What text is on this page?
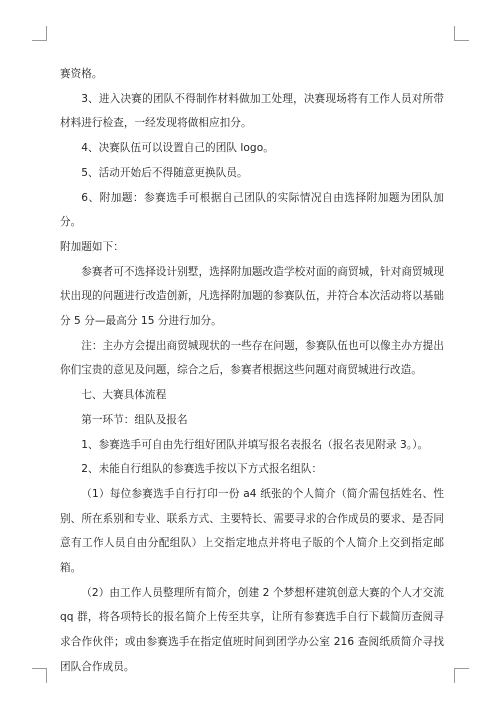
赛资格。

3、进入决赛的团队不得制作材料做加工处理，决赛现场将有工作人员对所带材料进行检查，一经发现将做相应扣分。

4、决赛队伍可以设置自己的团队 logo。

5、活动开始后不得随意更换队员。

6、附加题：参赛选手可根据自己团队的实际情况自由选择附加题为团队加分。

附加题如下：

参赛者可不选择设计别墅，选择附加题改造学校对面的商贸城，针对商贸城现状出现的问题进行改造创新，凡选择附加题的参赛队伍，并符合本次活动将以基础分 5 分—最高分 15 分进行加分。

注：主办方会提出商贸城现状的一些存在问题，参赛队伍也可以像主办方提出你们宝贵的意见及问题，综合之后，参赛者根据这些问题对商贸城进行改造。

七、大赛具体流程

第一环节：组队及报名

1、参赛选手可自由先行组好团队并填写报名表报名（报名表见附录 3。）。

2、未能自行组队的参赛选手按以下方式报名组队：

（1）每位参赛选手自行打印一份 a4 纸张的个人简介（简介需包括姓名、性别、所在系别和专业、联系方式、主要特长、需要寻求的合作成员的要求、是否同意有工作人员自由分配组队）上交指定地点并将电子版的个人简介上交到指定邮箱。

（2）由工作人员整理所有简介，创建 2 个梦想杯建筑创意大赛的个人才交流 qq 群，将各项特长的报名简介上传至共享，让所有参赛选手自行下载简历查阅寻求合作伙伴；或由参赛选手在指定值班时间到团学办公室 216 查阅纸质简介寻找团队合作成员。
